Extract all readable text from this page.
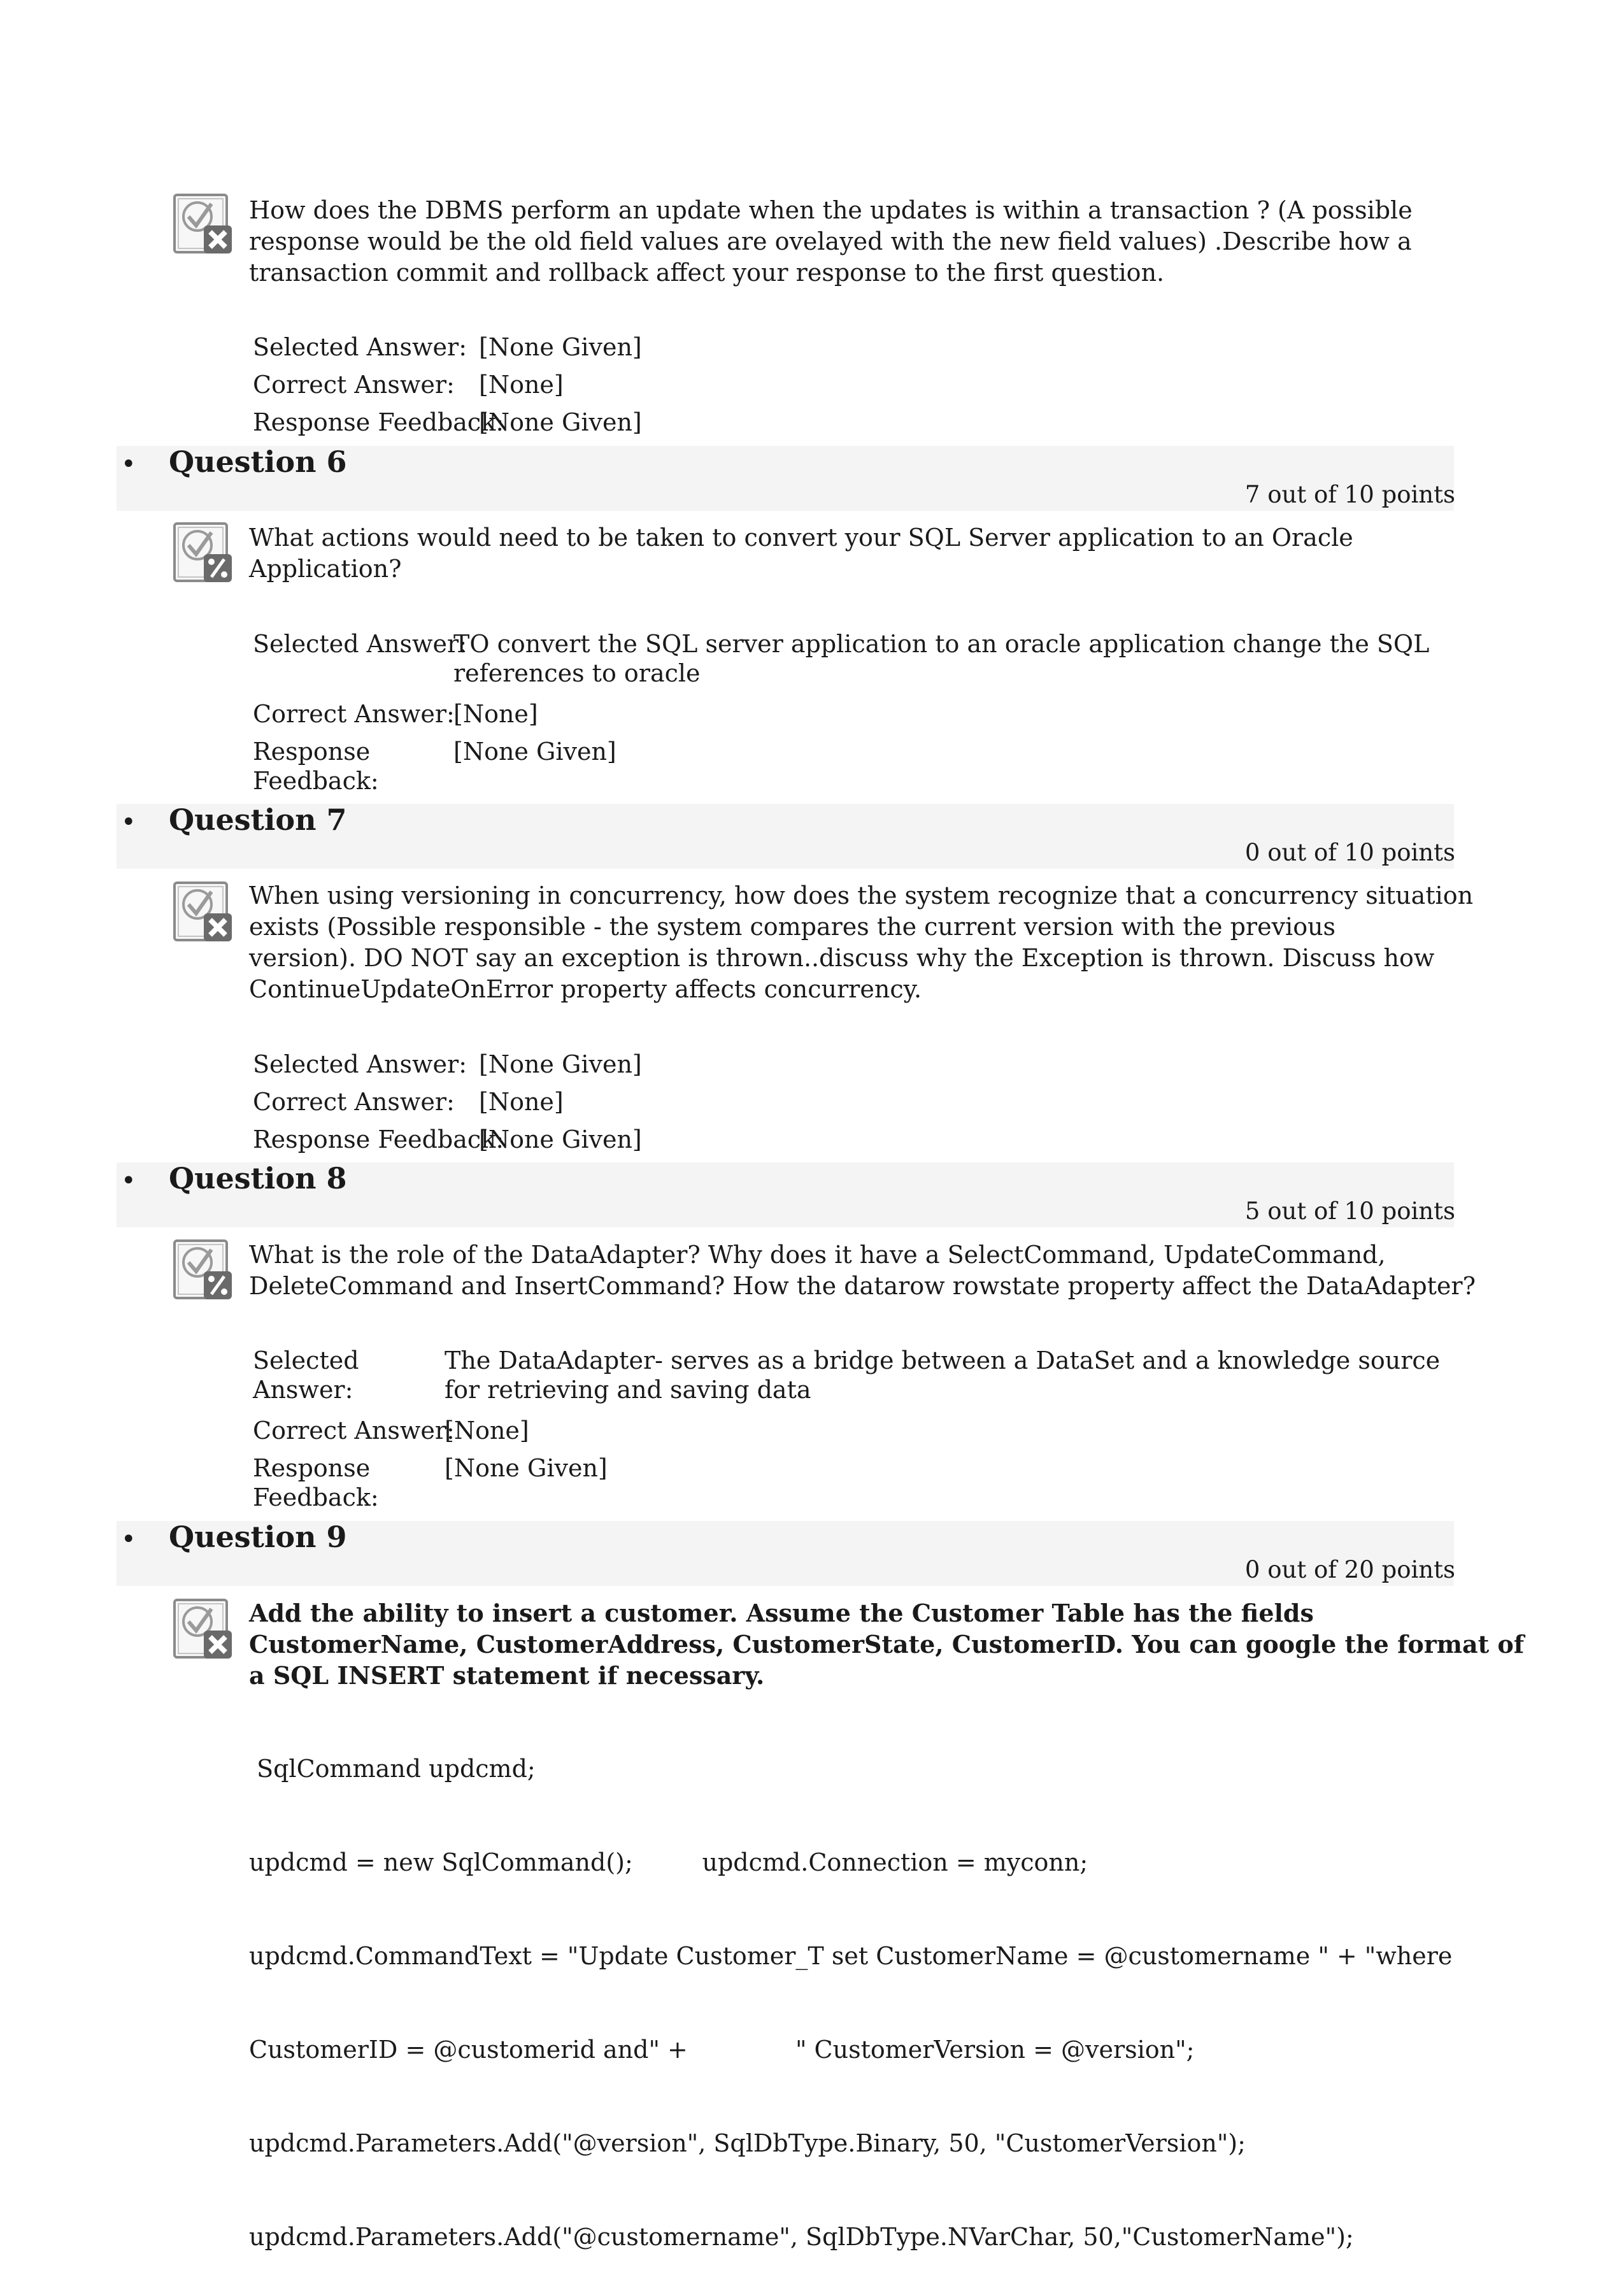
How does the DBMS perform an update when the updates is within a transaction ? (A possible
response would be the old field values are ovelayed with the new field values) .Describe how a
transaction commit and rollback affect your response to the first question.
Selected Answer: [None Given]
Correct Answer: [None]
Response Feedback:
[None Given]
• Question 6
7 out of 10 points
What actions would need to be taken to convert your SQL Server application to an Oracle
Application?
Selected Answer:
TO convert the SQL server application to an oracle application change the SQL
references to oracle
Correct Answer:
[None]
Response
Feedback:
[None Given]
• Question 7
0 out of 10 points
When using versioning in concurrency, how does the system recognize that a concurrency situation
exists (Possible responsible - the system compares the current version with the previous
version). DO NOT say an exception is thrown..discuss why the Exception is thrown. Discuss how
ContinueUpdateOnError property affects concurrency.
Selected Answer: [None Given]
Correct Answer: [None]
Response Feedback:
[None Given]
• Question 8
5 out of 10 points
What is the role of the DataAdapter? Why does it have a SelectCommand, UpdateCommand,
DeleteCommand and InsertCommand? How the datarow rowstate property affect the DataAdapter?
Selected
Answer:
The DataAdapter- serves as a bridge between a DataSet and a knowledge source
for retrieving and saving data
Correct Answer:
[None]
Response
Feedback:
[None Given]
• Question 9
0 out of 20 points
Add the ability to insert a customer. Assume the Customer Table has the fields
CustomerName, CustomerAddress, CustomerState, CustomerID. You can google the format of
a SQL INSERT statement if necessary.

SqlCommand updcmd;

updcmd = new SqlCommand();         updcmd.Connection = myconn;

updcmd.CommandText = "Update Customer_T set CustomerName = @customername " + "where

CustomerID = @customerid and" +              " CustomerVersion = @version";

updcmd.Parameters.Add("@version", SqlDbType.Binary, 50, "CustomerVersion");

updcmd.Parameters.Add("@customername", SqlDbType.NVarChar, 50,"CustomerName");
